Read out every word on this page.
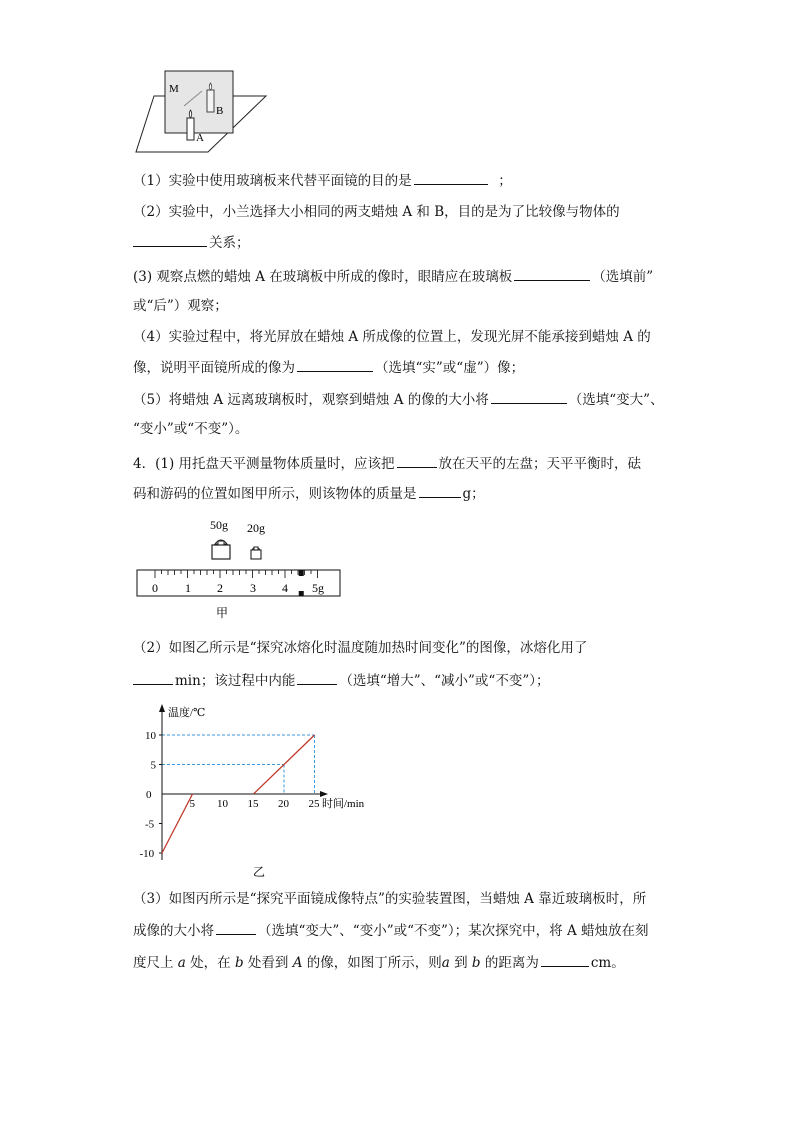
M
B
A
（1）实验中使用玻璃板来代替平面镜的目的是	；
（2）实验中，小兰选择大小相同的两支蜡烛 A 和 B，目的是为了比较像与物体的
关系；
(3) 观察点燃的蜡烛 A 在玻璃板中所成的像时，眼睛应在玻璃板	（选填前”
或“后”）观察；
（4）实验过程中，将光屏放在蜡烛 A 所成像的位置上，发现光屏不能承接到蜡烛 A 的
像，说明平面镜所成的像为	（选填“实”或“虚”）像；
（5）将蜡烛 A 远离玻璃板时，观察到蜡烛 A 的像的大小将	（选填“变大”、
“变小”或“不变”）。
4．(1) 用托盘天平测量物体质量时，应该把	放在天平的左盘；天平平衡时，砝
码和游码的位置如图甲所示，则该物体的质量是	g；
50g 20g
0 1 2 3 4 5g
甲
（2）如图乙所示是“探究冰熔化时温度随加热时间变化”的图像，冰熔化用了
min；该过程中内能	（选填“增大”、“减小”或“不变”）；
温度/℃
时间/min
5 10 15 20 25
10
5
-5
-10
0
乙
（3）如图丙所示是“探究平面镜成像特点”的实验装置图，当蜡烛 A 靠近玻璃板时，所
成像的大小将	（选填“变大”、“变小”或“不变”）；某次探究中，将 A 蜡烛放在刻
度尺上 a 处，在 b 处看到 A 的像，如图丁所示，则a 到 b 的距离为	cm。
